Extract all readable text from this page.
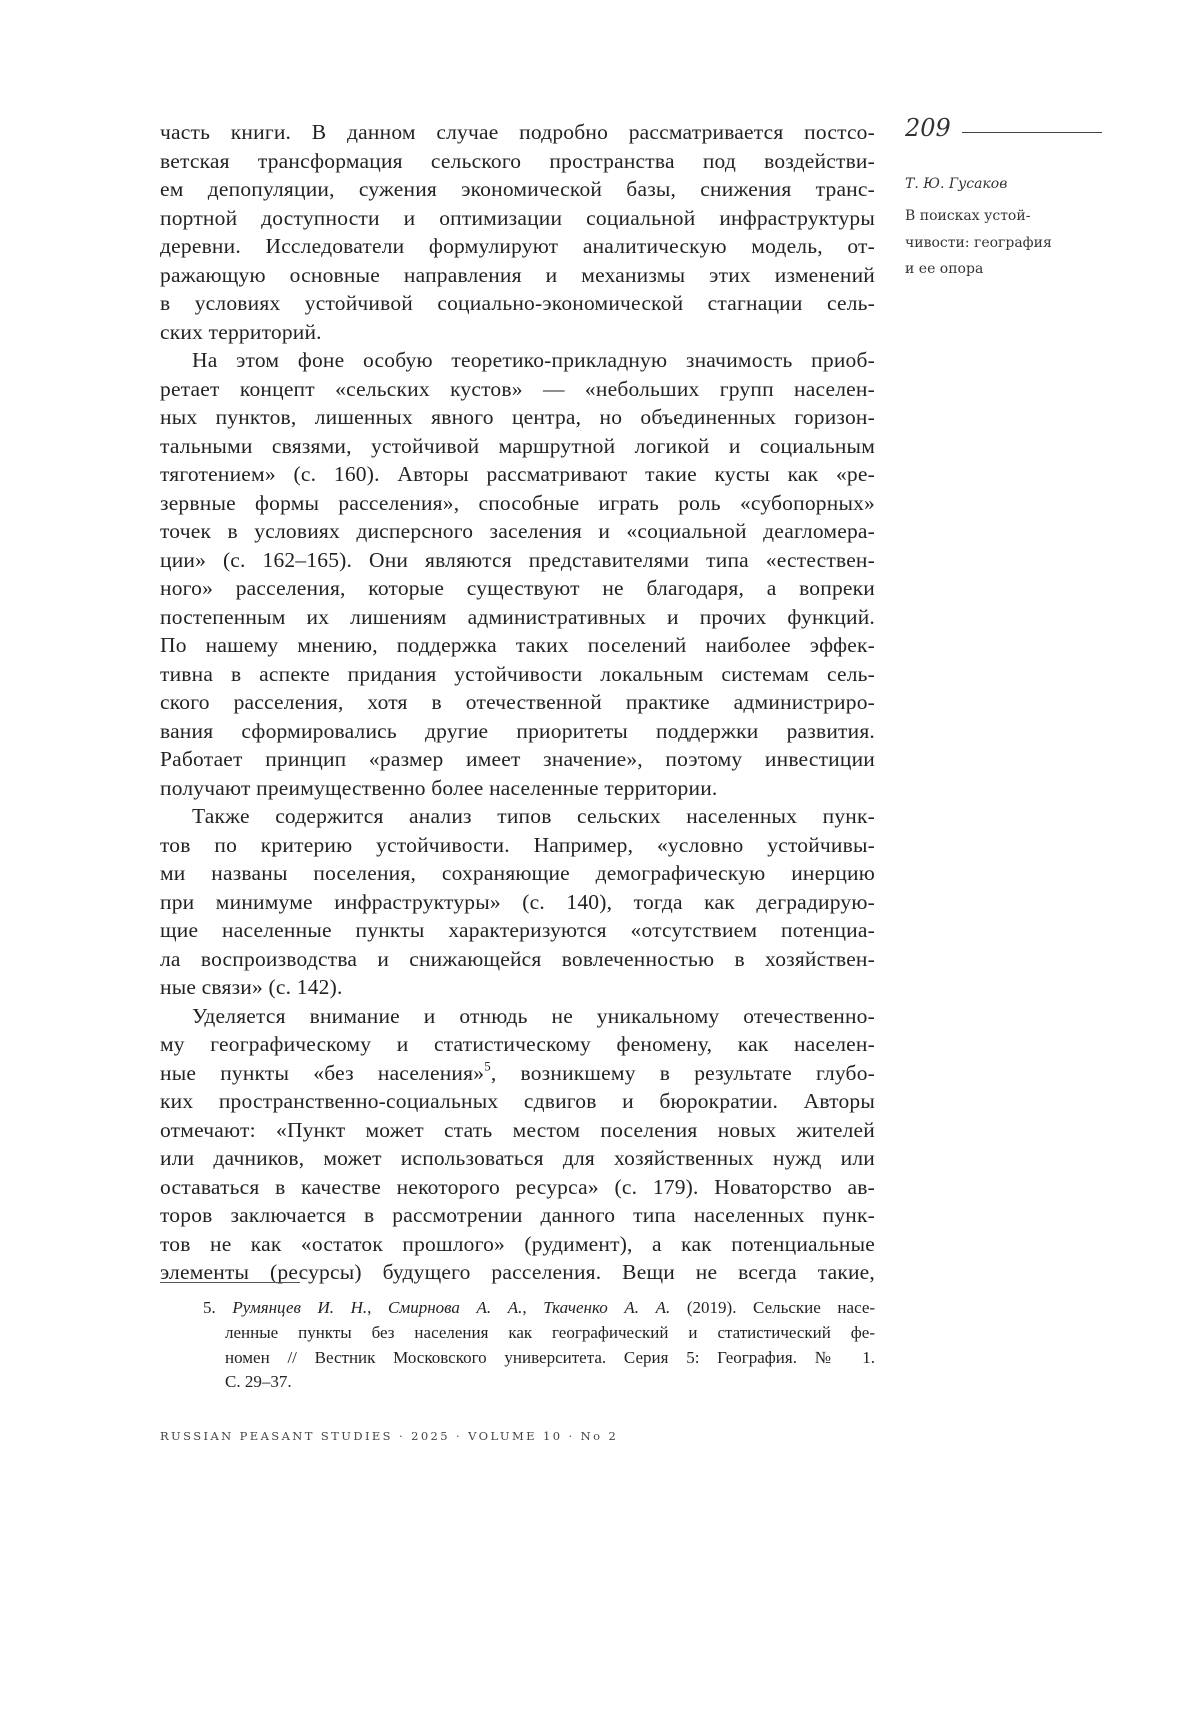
209
Т. Ю. Гусаков
В поисках устой-
чивости: география
и ее опора
часть книги. В данном случае подробно рассматривается постсо-
ветская трансформация сельского пространства под воздействи-
ем депопуляции, сужения экономической базы, снижения транс-
портной доступности и оптимизации социальной инфраструктуры
деревни. Исследователи формулируют аналитическую модель, от-
ражающую основные направления и механизмы этих изменений
в условиях устойчивой социально-экономической стагнации сель-
ских территорий.
На этом фоне особую теоретико-прикладную значимость приоб-
ретает концепт «сельских кустов» — «небольших групп населен-
ных пунктов, лишенных явного центра, но объединенных горизон-
тальными связями, устойчивой маршрутной логикой и социальным
тяготением» (с. 160). Авторы рассматривают такие кусты как «ре-
зервные формы расселения», способные играть роль «субопорных»
точек в условиях дисперсного заселения и «социальной деагломера-
ции» (с. 162–165). Они являются представителями типа «естествен-
ного» расселения, которые существуют не благодаря, а вопреки
постепенным их лишениям административных и прочих функций.
По нашему мнению, поддержка таких поселений наиболее эффек-
тивна в аспекте придания устойчивости локальным системам сель-
ского расселения, хотя в отечественной практике администриро-
вания сформировались другие приоритеты поддержки развития.
Работает принцип «размер имеет значение», поэтому инвестиции
получают преимущественно более населенные территории.
Также содержится анализ типов сельских населенных пунк-
тов по критерию устойчивости. Например, «условно устойчивы-
ми названы поселения, сохраняющие демографическую инерцию
при минимуме инфраструктуры» (с. 140), тогда как деградирую-
щие населенные пункты характеризуются «отсутствием потенциа-
ла воспроизводства и снижающейся вовлеченностью в хозяйствен-
ные связи» (с. 142).
Уделяется внимание и отнюдь не уникальному отечественно-
му географическому и статистическому феномену, как населен-
ные пункты «без населения»5, возникшему в результате глубо-
ких пространственно-социальных сдвигов и бюрократии. Авторы
отмечают: «Пункт может стать местом поселения новых жителей
или дачников, может использоваться для хозяйственных нужд или
оставаться в качестве некоторого ресурса» (с. 179). Новаторство ав-
торов заключается в рассмотрении данного типа населенных пунк-
тов не как «остаток прошлого» (рудимент), а как потенциальные
элементы (ресурсы) будущего расселения. Вещи не всегда такие,
5. Румянцев И. Н., Смирнова А. А., Ткаченко А. А. (2019). Сельские насе-
ленные пункты без населения как географический и статистический фе-
номен // Вестник Московского университета. Серия 5: География. № 1.
С. 29–37.
RUSSIAN PEASANT STUDIES · 2025 · VOLUME 10 · No 2
